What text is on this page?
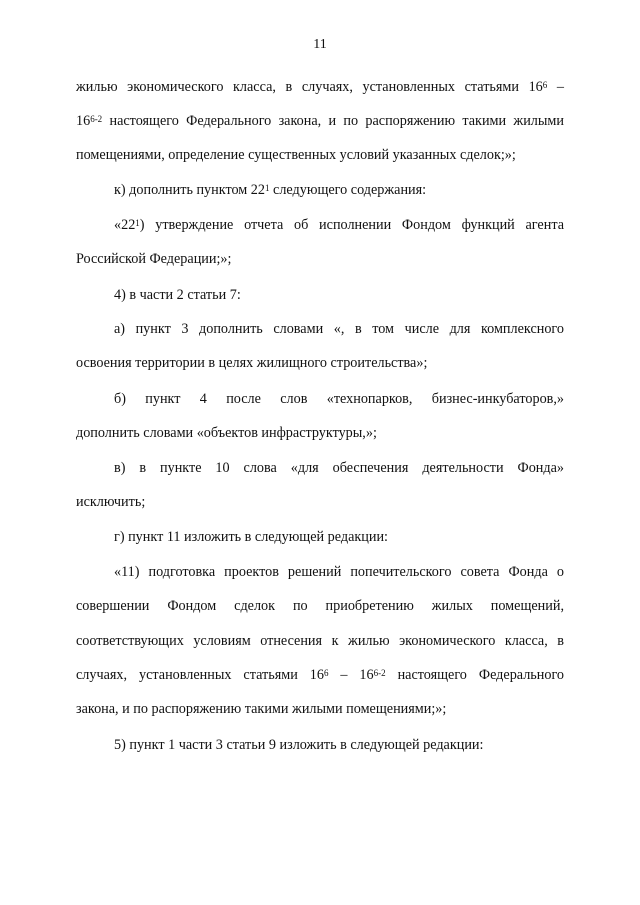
11
жилью экономического класса, в случаях, установленных статьями $16^6$ –
16$^{6-2}$ настоящего Федерального закона, и по распоряжению такими жилыми
помещениями, определение существенных условий указанных сделок;»;
к) дополнить пунктом $22^1$ следующего содержания:
«$22^1$) утверждение отчета об исполнении Фондом функций агента
Российской Федерации;»;
4) в части 2 статьи 7:
а) пункт 3 дополнить словами «, в том числе для комплексного
освоения территории в целях жилищного строительства»;
б) пункт 4 после слов «технопарков, бизнес-инкубаторов,»
дополнить словами «объектов инфраструктуры,»;
в) в пункте 10 слова «для обеспечения деятельности Фонда»
исключить;
г) пункт 11 изложить в следующей редакции:
«11) подготовка проектов решений попечительского совета Фонда о
совершении Фондом сделок по приобретению жилых помещений,
соответствующих условиям отнесения к жилью экономического класса, в
случаях, установленных статьями $16^6 - 16^{6-2}$ настоящего Федерального
закона, и по распоряжению такими жилыми помещениями;»;
5) пункт 1 части 3 статьи 9 изложить в следующей редакции:
